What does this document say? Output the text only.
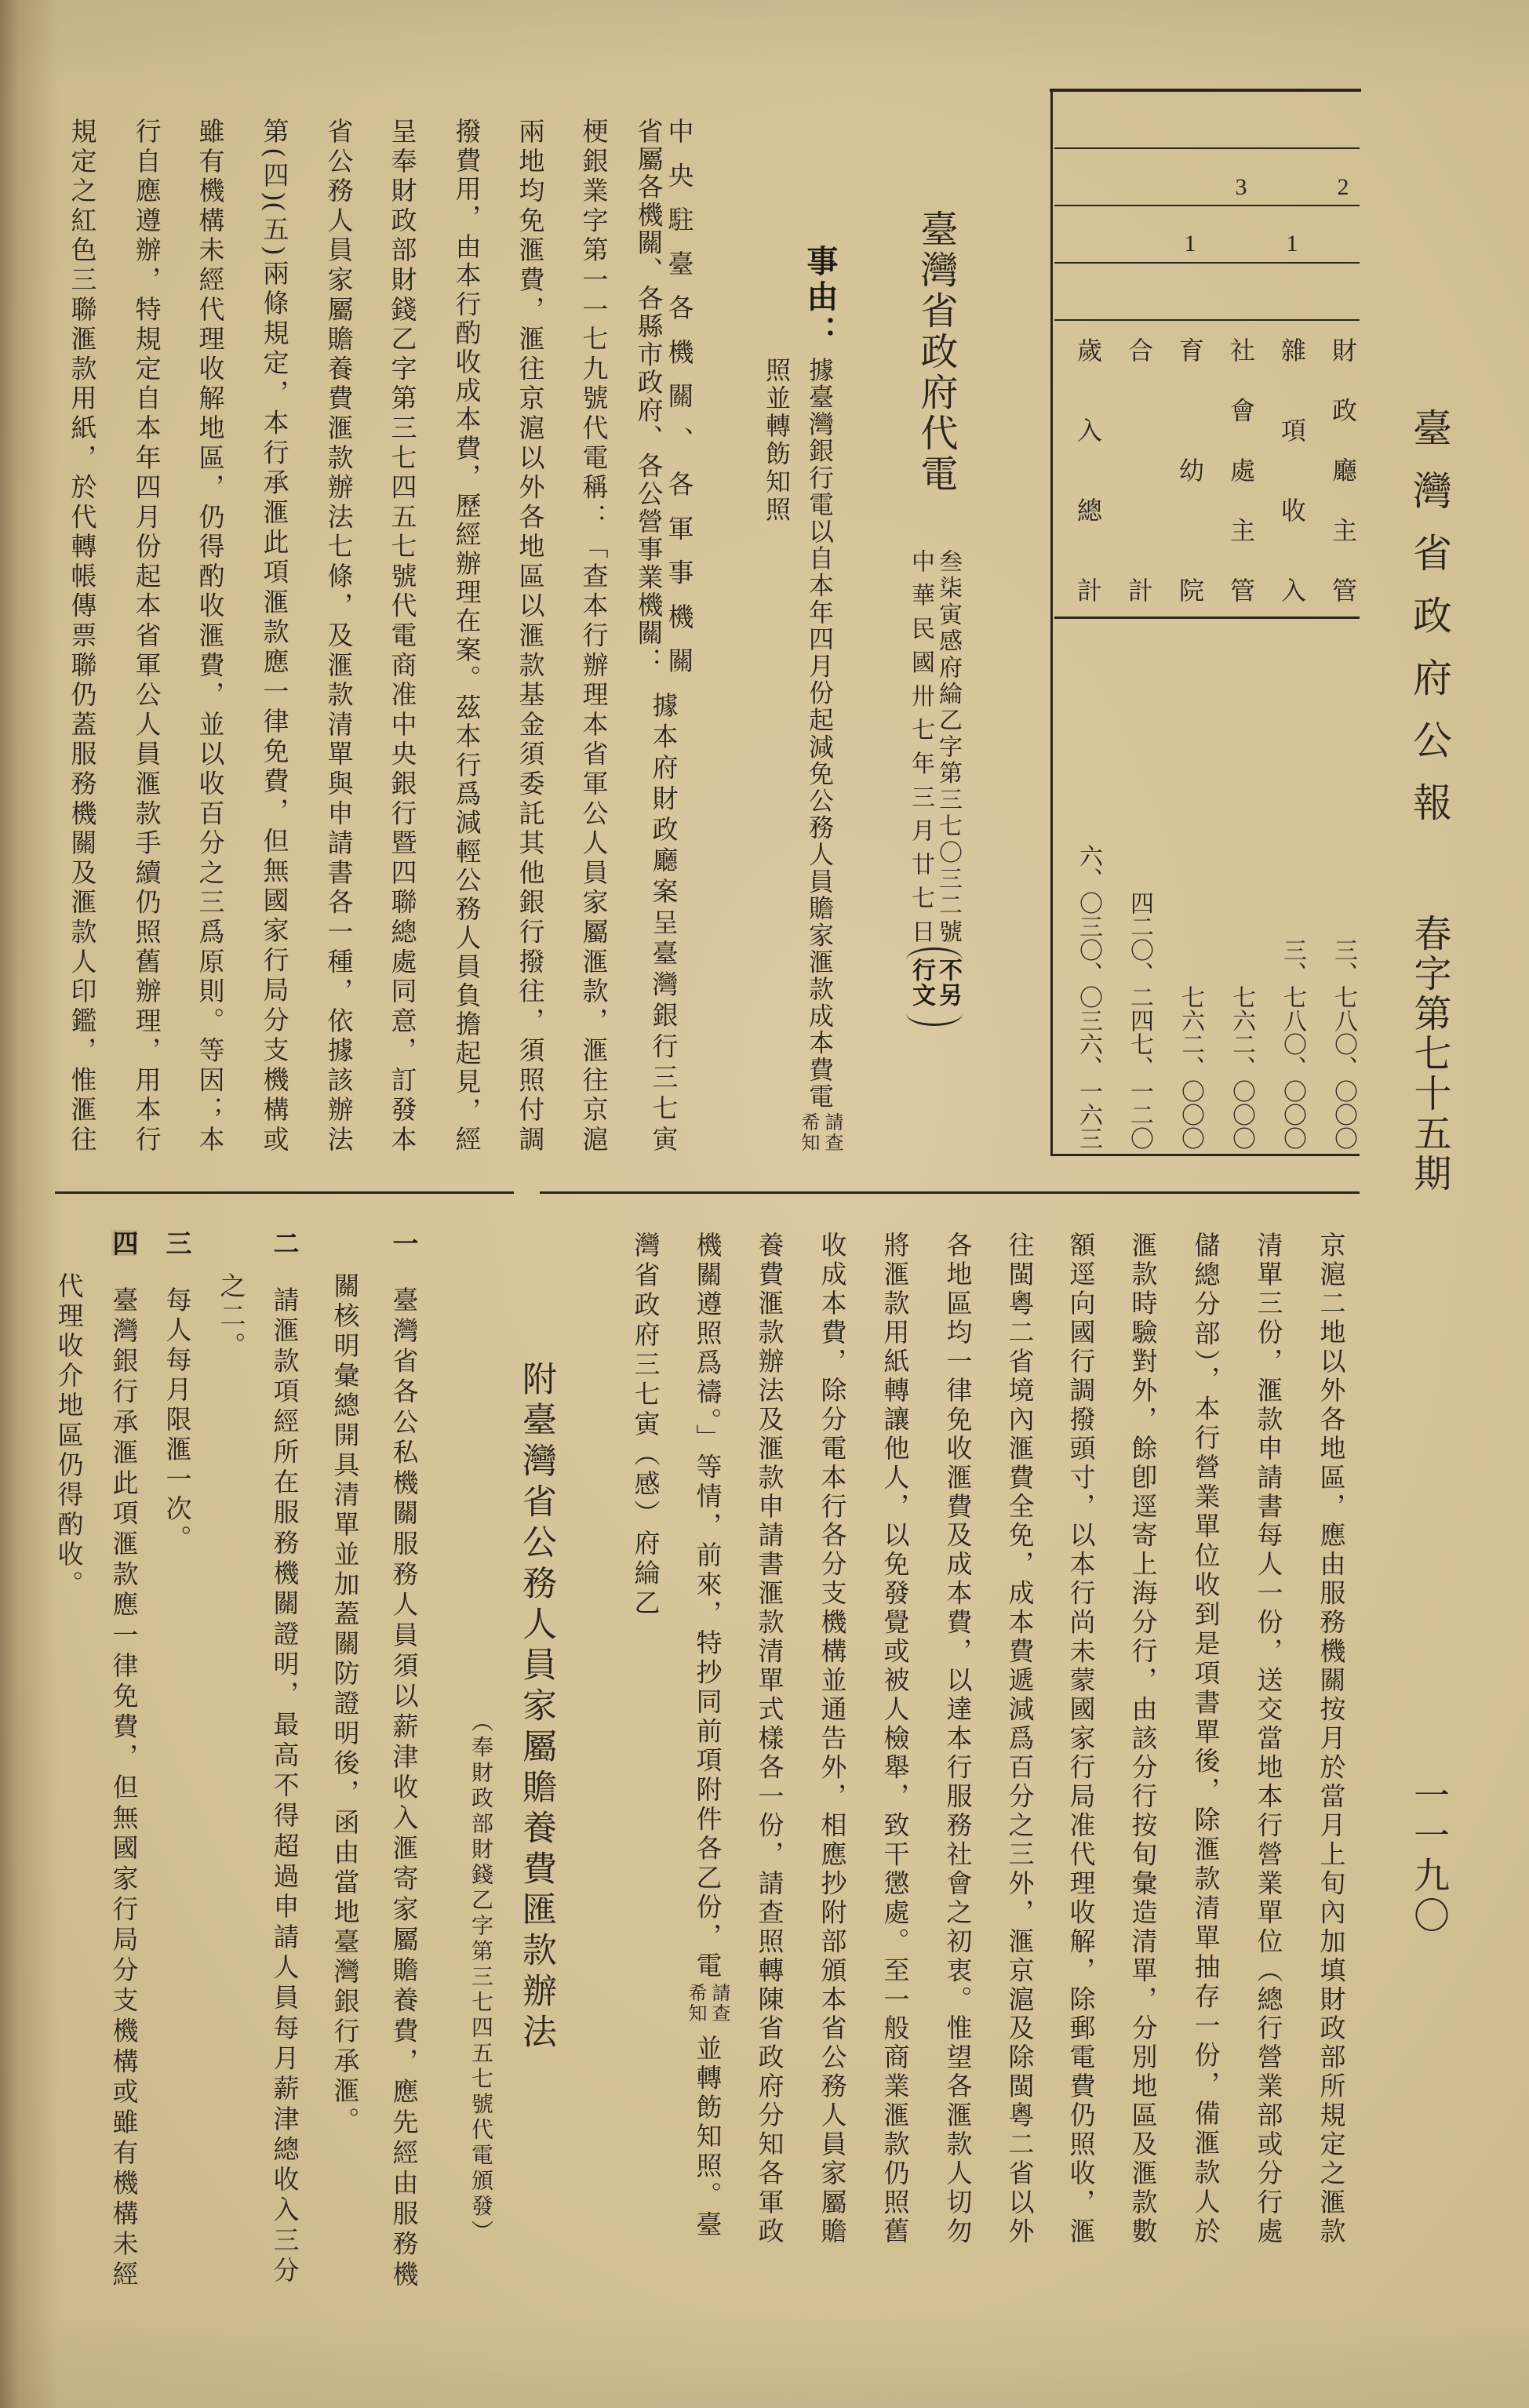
臺灣省政府公報
春字第七十五期
一一九〇
2
3
1
1
財政廳主管
雜項收入
社會處主管
育幼院
合計
歲入總計
三、七八〇、〇〇〇
三、七八〇、〇〇〇
七六二、〇〇〇
七六二、〇〇〇
四二〇、二四七、一二〇
六、〇三〇、〇三六、一六三
臺灣省政府代電
叁柒寅感府綸乙字第三七〇三二號
中華民國卅七年三月廿七日
不另
行文
事由：
據臺灣銀行電以自本年四月份起減免公務人員贍家滙款成本費電
請查
希知
照並轉飭知照
中央駐臺各機關、各軍事機關
省屬各機關、各縣市政府、各公營事業機關：
據本府財政廳案呈臺灣銀行三七寅
梗銀業字第一一七九號代電稱：「查本行辦理本省軍公人員家屬滙款，滙往京滬
兩地均免滙費，滙往京滬以外各地區以滙款基金須委託其他銀行撥往，須照付調
撥費用，由本行酌收成本費，歷經辦理在案。茲本行爲減輕公務人員負擔起見，經
呈奉財政部財錢乙字第三七四五七號代電商准中央銀行暨四聯總處同意，訂發本
省公務人員家屬贍養費滙款辦法七條，及滙款清單與申請書各一種，依據該辦法
第(四)(五)兩條規定，本行承滙此項滙款應一律免費，但無國家行局分支機構或
雖有機構未經代理收解地區，仍得酌收滙費，並以收百分之三爲原則。等因；本
行自應遵辦，特規定自本年四月份起本省軍公人員滙款手續仍照舊辦理，用本行
規定之紅色三聯滙款用紙，於代轉帳傳票聯仍蓋服務機關及滙款人印鑑，惟滙往
京滬二地以外各地區，應由服務機關按月於當月上旬內加填財政部所規定之滙款
清單三份，滙款申請書每人一份，送交當地本行營業單位（總行營業部或分行處
儲總分部），本行營業單位收到是項書單後，除滙款清單抽存一份，備滙款人於
滙款時驗對外，餘卽逕寄上海分行，由該分行按旬彙造清單，分別地區及滙款數
額逕向國行調撥頭寸，以本行尚未蒙國家行局准代理收解，除郵電費仍照收，滙
往閩粵二省境內滙費全免，成本費遞減爲百分之三外，滙京滬及除閩粵二省以外
各地區均一律免收滙費及成本費，以達本行服務社會之初衷。惟望各滙款人切勿
將滙款用紙轉讓他人，以免發覺或被人檢舉，致干懲處。至一般商業滙款仍照舊
收成本費，除分電本行各分支機構並通告外，相應抄附部頒本省公務人員家屬贍
養費滙款辦法及滙款申請書滙款清單式樣各一份，請查照轉陳省政府分知各軍政
機關遵照爲禱。」等情，前來，特抄同前項附件各乙份，電
請查
希知
並轉飭知照。臺
灣省政府三七寅（感）府綸乙
附臺灣省公務人員家屬贍養費匯款辦法
（奉財政部財錢乙字第三七四五七號代電頒發）
一
臺灣省各公私機關服務人員須以薪津收入滙寄家屬贍養費，應先經由服務機
關核明彙總開具清單並加蓋關防證明後，函由當地臺灣銀行承滙。
二
請滙款項經所在服務機關證明，最高不得超過申請人員每月薪津總收入三分
之二。
三
每人每月限滙一次。
四
臺灣銀行承滙此項滙款應一律免費，但無國家行局分支機構或雖有機構未經
代理收介地區仍得酌收。
